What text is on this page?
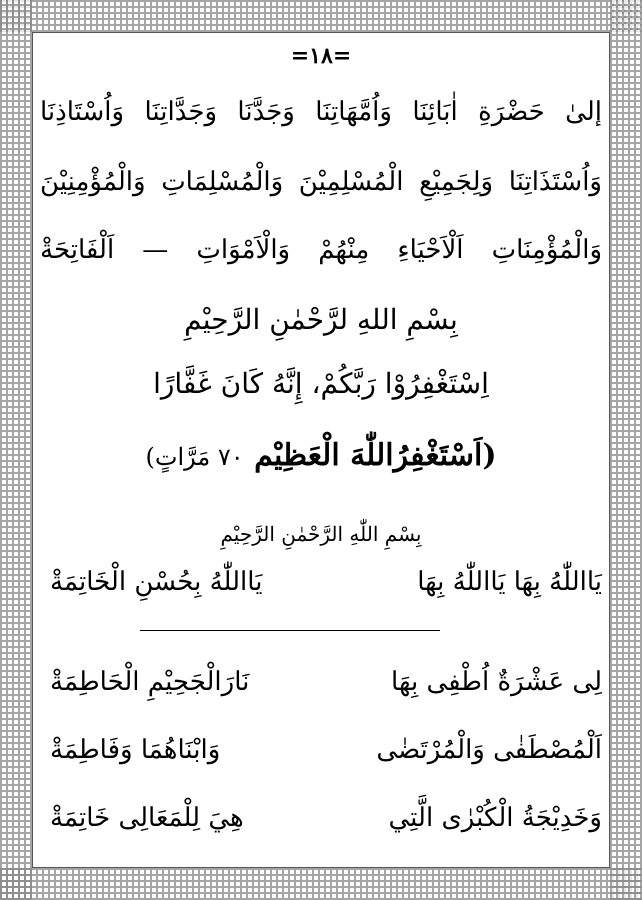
=١٨=
إلىٰ حَضْرَةِ اٰبَائِنَا وَاُمَّهَاتِنَا وَجَدَّنَا وَجَدَّاتِنَا وَاُسْتَاذِنَا
وَاُسْتَذَاتِنَا وَلِجَمِيْعِ الْمُسْلِمِيْنَ وَالْمُسْلِمَاتِ وَالْمُؤْمِنِيْنَ
وَالْمُؤْمِنَاتِ اَلْاَحْيَاءِ مِنْهُمْ وَالْاَمْوَاتِ — اَلْفَاتِحَةْ
بِسْمِ اللهِ لرَّحْمٰنِ الرَّحِيْمِ
اِسْتَغْفِرُوْا رَبَّكُمْ، إِنَّهُ كَانَ غَفَّارًا
(اَسْتَغْفِرُاللّٰهَ الْعَظِيْم ٧٠ مَرَّاتٍ)
بِسْمِ اللّٰهِ الرَّحْمٰنِ الرَّحِيْمِ
يَااللّٰهُ بِهَا يَااللّٰهُ بِهَا
يَااللّٰهُ بِحُسْنِ الْخَاتِمَةْ
لِى عَشْرَةٌ اُطْفِى بِهَا
نَارَالْجَحِيْمِ الْحَاطِمَةْ
اَلْمُصْطَفٰى وَالْمُرْتَضٰى
وَابْنَاهُمَا وَفَاطِمَةْ
وَخَدِيْجَةُ الْكُبْرٰى الَّتِي
هِيَ لِلْمَعَالِى خَاتِمَةْ
